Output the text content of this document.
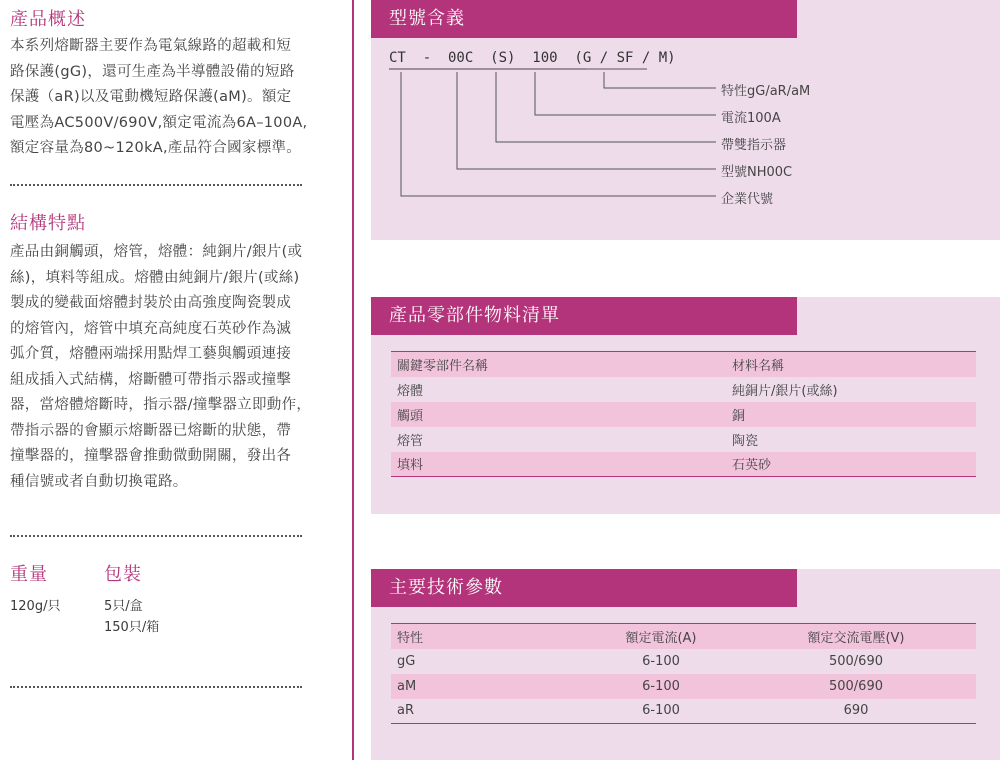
產品概述
本系列熔斷器主要作為電氣線路的超載和短
路保護(gG)，還可生產為半導體設備的短路
保護（aR)以及電動機短路保護(aM)。額定
電壓為AC500V/690V,額定電流為6A–100A,
額定容量為80~120kA,產品符合國家標準。
結構特點
產品由銅觸頭，熔管，熔體：純銅片/銀片(或
絲)，填料等組成。熔體由純銅片/銀片(或絲)
製成的變截面熔體封裝於由高強度陶瓷製成
的熔管內，熔管中填充高純度石英砂作為滅
弧介質，熔體兩端採用點焊工藝與觸頭連接
組成插入式結構，熔斷體可帶指示器或撞擊
器，當熔體熔斷時，指示器/撞擊器立即動作，
帶指示器的會顯示熔斷器已熔斷的狀態，帶
撞擊器的，撞擊器會推動微動開關，發出各
種信號或者自動切換電路。
重量
120g/只
包裝
5只/盒
150只/箱
型號含義
CT  -  00C  (S)  100  (G / SF / M)
特性gG/aR/aM
電流100A
帶雙指示器
型號NH00C
企業代號
產品零部件物料清單
關鍵零部件名稱	材料名稱
熔體	純銅片/銀片(或絲)
觸頭	銅
熔管	陶瓷
填料	石英砂
主要技術參數
特性	額定電流(A)	額定交流電壓(V)
gG	6-100	500/690
aM	6-100	500/690
aR	6-100	690
